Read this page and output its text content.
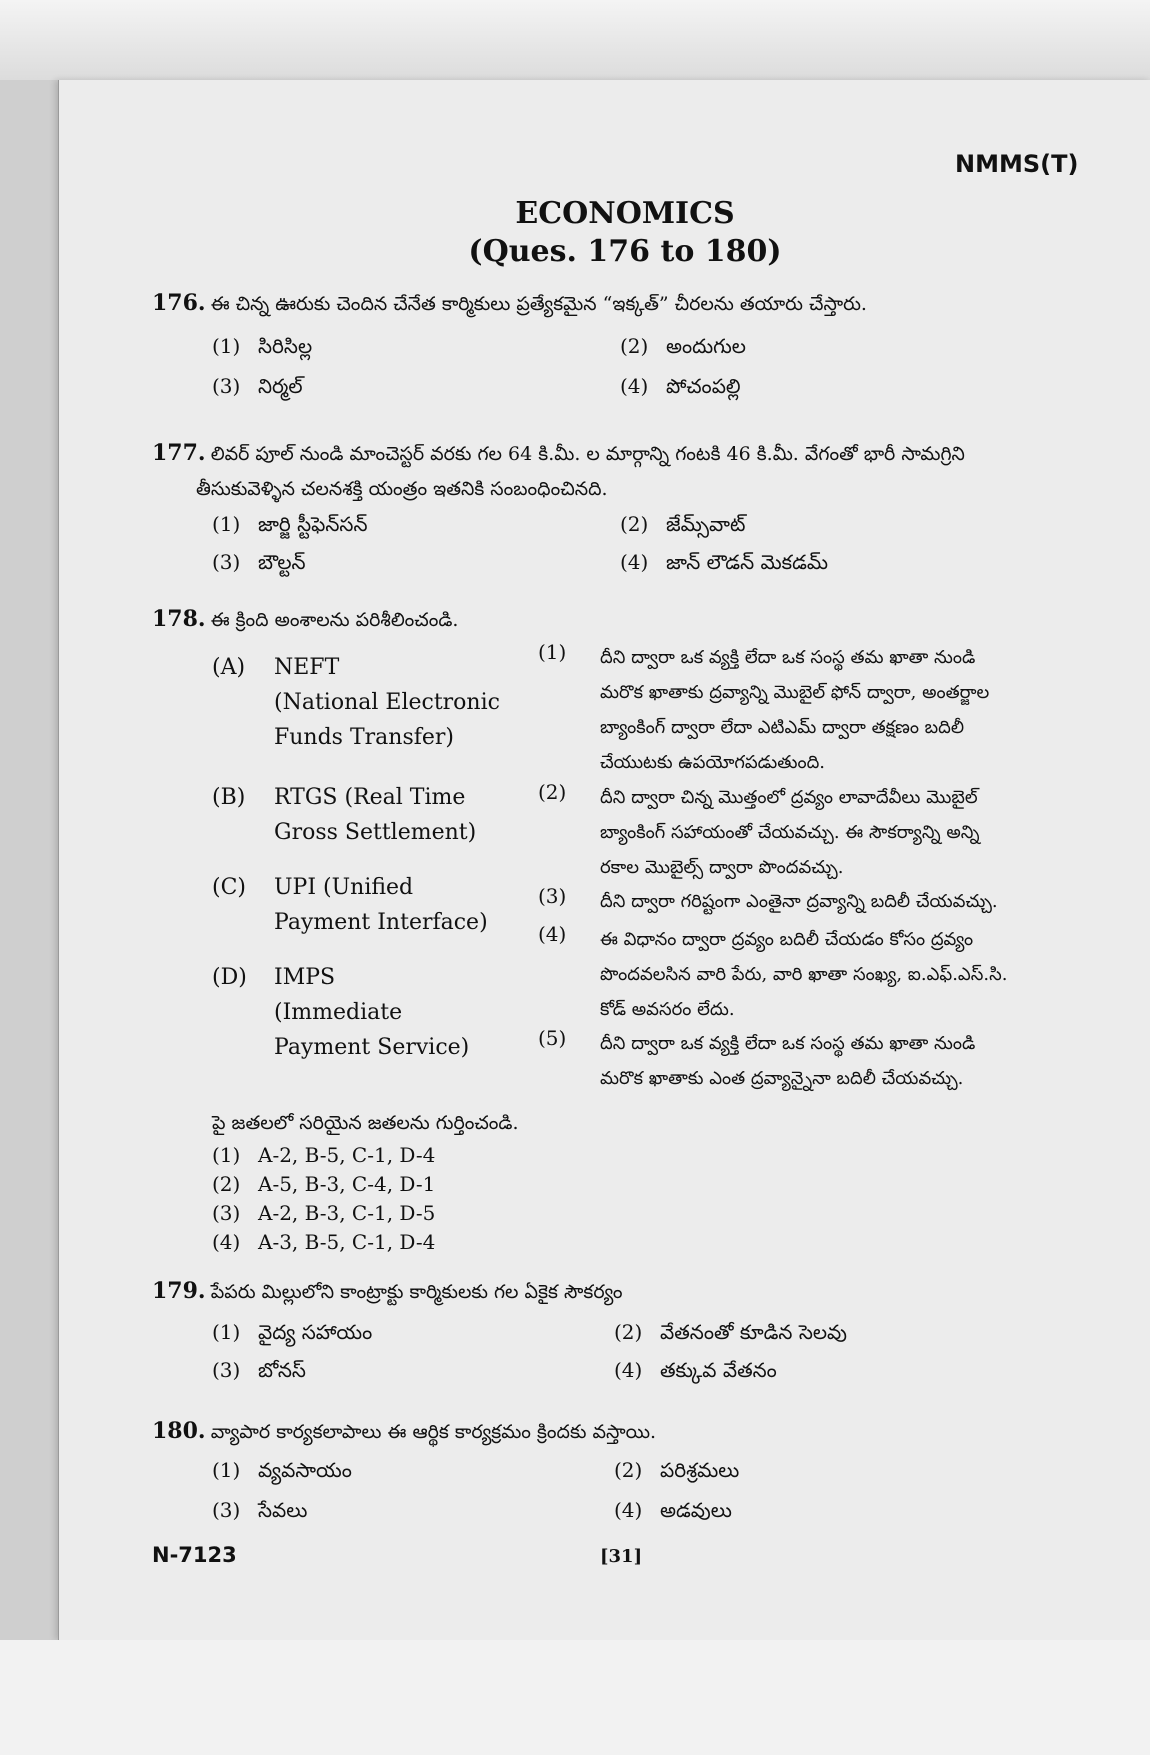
NMMS(T)
ECONOMICS
(Ques. 176 to 180)
176. ఈ చిన్న ఊరుకు చెందిన చేనేత కార్మికులు ప్రత్యేకమైన “ఇక్కత్” చీరలను తయారు చేస్తారు.
(1) సిరిసిల్ల	(2) అందుగుల
(3) నిర్మల్	(4) పోచంపల్లి
177. లివర్ పూల్ నుండి మాంచెస్టర్ వరకు గల 64 కి.మీ. ల మార్గాన్ని గంటకి 46 కి.మీ. వేగంతో భారీ సామగ్రిని
తీసుకువెళ్ళిన చలనశక్తి యంత్రం ఇతనికి సంబంధించినది.
(1) జార్జి స్టీఫెన్‌సన్	(2) జేమ్స్‌వాట్
(3) బౌల్టన్	(4) జాన్ లౌడన్ మెకడమ్
178. ఈ క్రింది అంశాలను పరిశీలించండి.
(A) NEFT
(National Electronic
Funds Transfer)
(B) RTGS (Real Time
Gross Settlement)
(C) UPI (Unified
Payment Interface)
(D) IMPS
(Immediate
Payment Service)
(1) దీని ద్వారా ఒక వ్యక్తి లేదా ఒక సంస్థ తమ ఖాతా నుండి
మరొక ఖాతాకు ద్రవ్యాన్ని మొబైల్ ఫోన్ ద్వారా, అంతర్జాల
బ్యాంకింగ్ ద్వారా లేదా ఎటిఎమ్ ద్వారా తక్షణం బదిలీ
చేయుటకు ఉపయోగపడుతుంది.
(2) దీని ద్వారా చిన్న మొత్తంలో ద్రవ్యం లావాదేవీలు మొబైల్
బ్యాంకింగ్ సహాయంతో చేయవచ్చు. ఈ సౌకర్యాన్ని అన్ని
రకాల మొబైల్స్ ద్వారా పొందవచ్చు.
(3) దీని ద్వారా గరిష్టంగా ఎంతైనా ద్రవ్యాన్ని బదిలీ చేయవచ్చు.
(4) ఈ విధానం ద్వారా ద్రవ్యం బదిలీ చేయడం కోసం ద్రవ్యం
పొందవలసిన వారి పేరు, వారి ఖాతా సంఖ్య, ఐ.ఎఫ్.ఎస్.సి.
కోడ్ అవసరం లేదు.
(5) దీని ద్వారా ఒక వ్యక్తి లేదా ఒక సంస్థ తమ ఖాతా నుండి
మరొక ఖాతాకు ఎంత ద్రవ్యాన్నైనా బదిలీ చేయవచ్చు.
పై జతలలో సరియైన జతలను గుర్తించండి.
(1) A-2, B-5, C-1, D-4
(2) A-5, B-3, C-4, D-1
(3) A-2, B-3, C-1, D-5
(4) A-3, B-5, C-1, D-4
179. పేపరు మిల్లులోని కాంట్రాక్టు కార్మికులకు గల ఏకైక సౌకర్యం
(1) వైద్య సహాయం	(2) వేతనంతో కూడిన సెలవు
(3) బోనస్	(4) తక్కువ వేతనం
180. వ్యాపార కార్యకలాపాలు ఈ ఆర్థిక కార్యక్రమం క్రిందకు వస్తాయి.
(1) వ్యవసాయం	(2) పరిశ్రమలు
(3) సేవలు	(4) అడవులు
N-7123	[31]
